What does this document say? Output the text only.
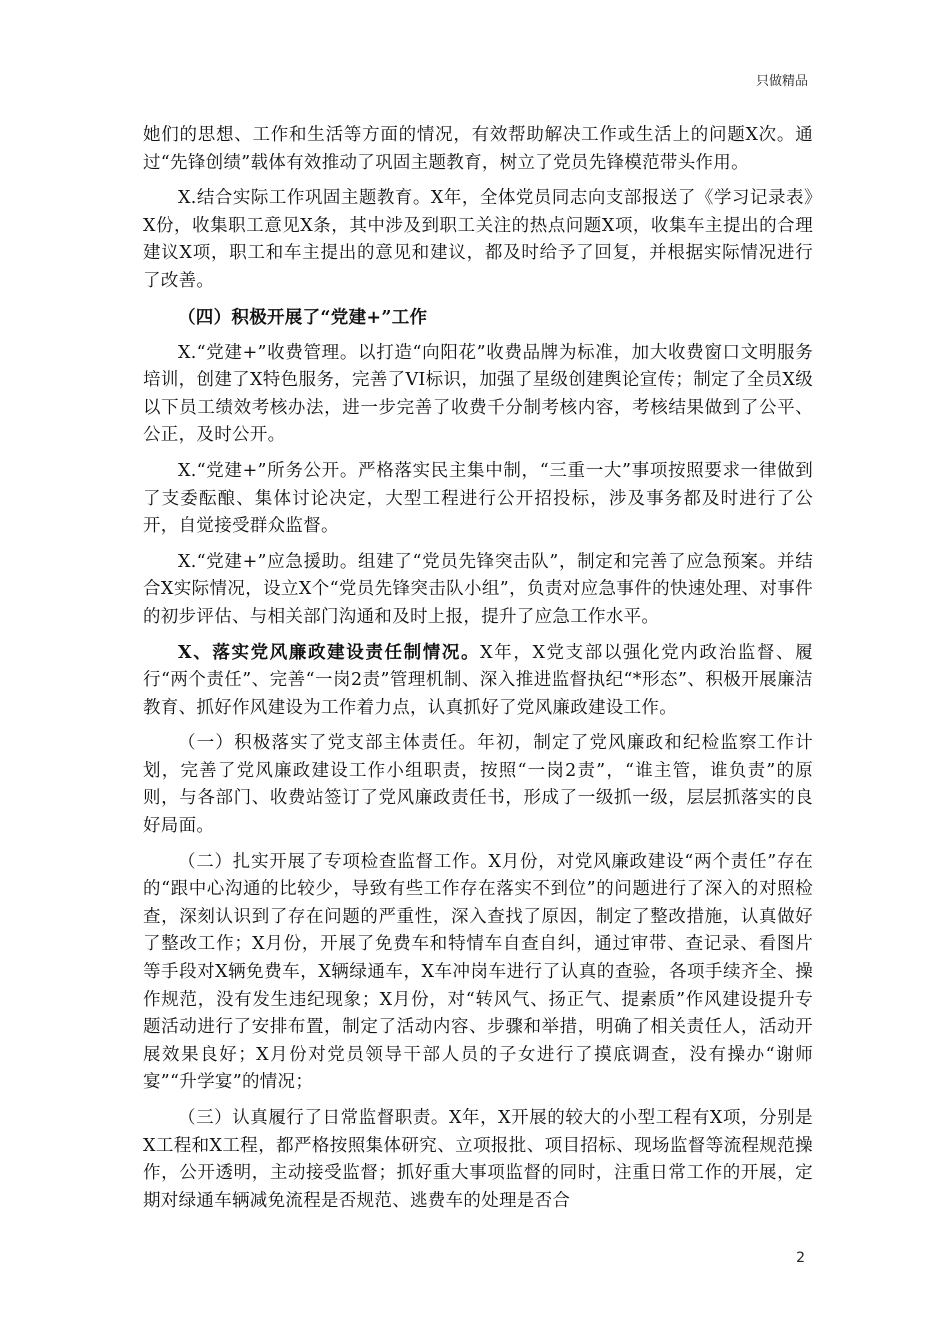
只做精品

她们的思想、工作和生活等方面的情况，有效帮助解决工作或生活上的问题X次。通过“先锋创绩”载体有效推动了巩固主题教育，树立了党员先锋模范带头作用。

X.结合实际工作巩固主题教育。X年，全体党员同志向支部报送了《学习记录表》X份，收集职工意见X条，其中涉及到职工关注的热点问题X项，收集车主提出的合理建议X项，职工和车主提出的意见和建议，都及时给予了回复，并根据实际情况进行了改善。

（四）积极开展了“党建+”工作

X.“党建+”收费管理。以打造“向阳花”收费品牌为标准，加大收费窗口文明服务培训，创建了X特色服务，完善了VI标识，加强了星级创建舆论宣传；制定了全员X级以下员工绩效考核办法，进一步完善了收费千分制考核内容，考核结果做到了公平、公正，及时公开。

X.“党建+”所务公开。严格落实民主集中制，“三重一大”事项按照要求一律做到了支委酝酿、集体讨论决定，大型工程进行公开招投标，涉及事务都及时进行了公开，自觉接受群众监督。

X.“党建+”应急援助。组建了“党员先锋突击队”，制定和完善了应急预案。并结合X实际情况，设立X个“党员先锋突击队小组”，负责对应急事件的快速处理、对事件的初步评估、与相关部门沟通和及时上报，提升了应急工作水平。

X、落实党风廉政建设责任制情况。X年，X党支部以强化党内政治监督、履行“两个责任”、完善“一岗2责”管理机制、深入推进监督执纪“*形态”、积极开展廉洁教育、抓好作风建设为工作着力点，认真抓好了党风廉政建设工作。

（一）积极落实了党支部主体责任。年初，制定了党风廉政和纪检监察工作计划，完善了党风廉政建设工作小组职责，按照“一岗2责”，“谁主管，谁负责”的原则，与各部门、收费站签订了党风廉政责任书，形成了一级抓一级，层层抓落实的良好局面。

（二）扎实开展了专项检查监督工作。X月份，对党风廉政建设“两个责任”存在的“跟中心沟通的比较少，导致有些工作存在落实不到位”的问题进行了深入的对照检查，深刻认识到了存在问题的严重性，深入查找了原因，制定了整改措施，认真做好了整改工作；X月份，开展了免费车和特情车自查自纠，通过审带、查记录、看图片等手段对X辆免费车，X辆绿通车，X车冲岗车进行了认真的查验，各项手续齐全、操作规范，没有发生违纪现象；X月份，对“转风气、扬正气、提素质”作风建设提升专题活动进行了安排布置，制定了活动内容、步骤和举措，明确了相关责任人，活动开展效果良好；X月份对党员领导干部人员的子女进行了摸底调查，没有操办“谢师宴”“升学宴”的情况；

（三）认真履行了日常监督职责。X年，X开展的较大的小型工程有X项，分别是X工程和X工程，都严格按照集体研究、立项报批、项目招标、现场监督等流程规范操作，公开透明，主动接受监督；抓好重大事项监督的同时，注重日常工作的开展，定期对绿通车辆减免流程是否规范、逃费车的处理是否合

2
